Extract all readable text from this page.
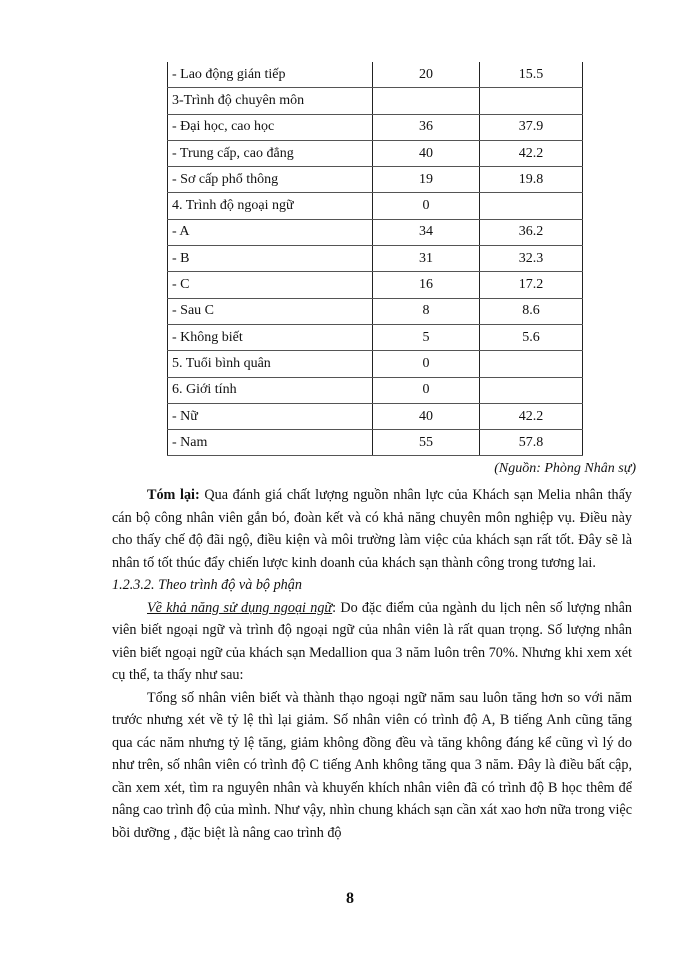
- Lao động gián tiếp	20	15.5
3-Trình độ chuyên môn		
- Đại học, cao học	36	37.9
- Trung cấp, cao đẳng	40	42.2
- Sơ cấp phổ thông	19	19.8
4. Trình độ ngoại ngữ	0	
- A	34	36.2
- B	31	32.3
- C	16	17.2
- Sau C	8	8.6
- Không biết	5	5.6
5. Tuổi bình quân	0	
6. Giới tính	0	
- Nữ	40	42.2
- Nam	55	57.8
(Nguồn: Phòng Nhân sự)

Tóm lại: Qua đánh giá chất lượng nguồn nhân lực của Khách sạn Melia nhân thấy cán bộ công nhân viên gắn bó, đoàn kết và có khả năng chuyên môn nghiệp vụ. Điều này cho thấy chế độ đãi ngộ, điều kiện và môi trường làm việc của khách sạn rất tốt. Đây sẽ là nhân tố tốt thúc đẩy chiến lược kinh doanh của khách sạn thành công trong tương lai.

1.2.3.2. Theo trình độ và bộ phận

Về khả năng sử dụng ngoại ngữ: Do đặc điểm của ngành du lịch nên số lượng nhân viên biết ngoại ngữ và trình độ ngoại ngữ của nhân viên là rất quan trọng. Số lượng nhân viên biết ngoại ngữ của khách sạn Medallion qua 3 năm luôn trên 70%. Nhưng khi xem xét cụ thể, ta thấy như sau:

Tổng số nhân viên biết và thành thạo ngoại ngữ năm sau luôn tăng hơn so với năm trước nhưng xét về tỷ lệ thì lại giảm. Số nhân viên có trình độ A, B tiếng Anh cũng tăng qua các năm nhưng tỷ lệ tăng, giảm không đồng đều và tăng không đáng kể cũng vì lý do như trên, số nhân viên có trình độ C tiếng Anh không tăng qua 3 năm. Đây là điều bất cập, cần xem xét, tìm ra nguyên nhân và khuyến khích nhân viên đã có trình độ B học thêm để nâng cao trình độ của mình. Như vậy, nhìn chung khách sạn cần xát xao hơn nữa trong việc bồi dưỡng , đặc biệt là nâng cao trình độ

8
